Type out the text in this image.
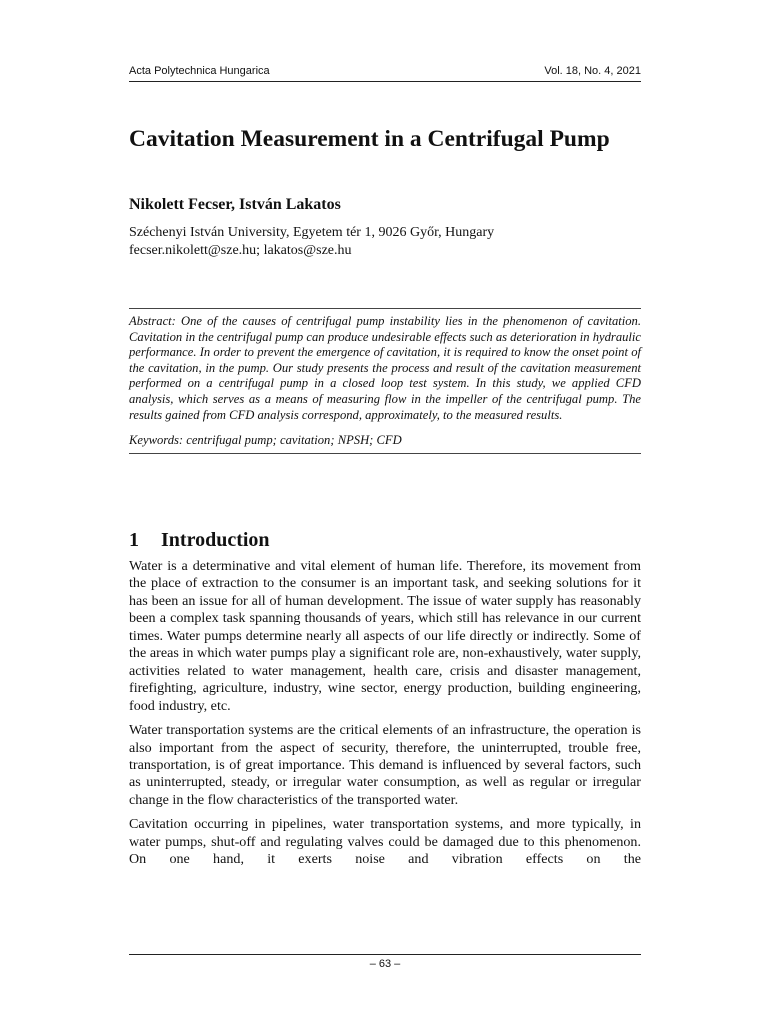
Acta Polytechnica Hungarica	Vol. 18, No. 4, 2021
Cavitation Measurement in a Centrifugal Pump
Nikolett Fecser, István Lakatos
Széchenyi István University, Egyetem tér 1, 9026 Győr, Hungary
fecser.nikolett@sze.hu; lakatos@sze.hu

Abstract: One of the causes of centrifugal pump instability lies in the phenomenon of cavitation. Cavitation in the centrifugal pump can produce undesirable effects such as deterioration in hydraulic performance. In order to prevent the emergence of cavitation, it is required to know the onset point of the cavitation, in the pump. Our study presents the process and result of the cavitation measurement performed on a centrifugal pump in a closed loop test system. In this study, we applied CFD analysis, which serves as a means of measuring flow in the impeller of the centrifugal pump. The results gained from CFD analysis correspond, approximately, to the measured results.

Keywords: centrifugal pump; cavitation; NPSH; CFD
1 Introduction

Water is a determinative and vital element of human life. Therefore, its movement from the place of extraction to the consumer is an important task, and seeking solutions for it has been an issue for all of human development. The issue of water supply has reasonably been a complex task spanning thousands of years, which still has relevance in our current times. Water pumps determine nearly all aspects of our life directly or indirectly. Some of the areas in which water pumps play a significant role are, non-exhaustively, water supply, activities related to water management, health care, crisis and disaster management, firefighting, agriculture, industry, wine sector, energy production, building engineering, food industry, etc.

Water transportation systems are the critical elements of an infrastructure, the operation is also important from the aspect of security, therefore, the uninterrupted, trouble free, transportation, is of great importance. This demand is influenced by several factors, such as uninterrupted, steady, or irregular water consumption, as well as regular or irregular change in the flow characteristics of the transported water.

Cavitation occurring in pipelines, water transportation systems, and more typically, in water pumps, shut-off and regulating valves could be damaged due to this phenomenon. On one hand, it exerts noise and vibration effects on the

– 63 –
